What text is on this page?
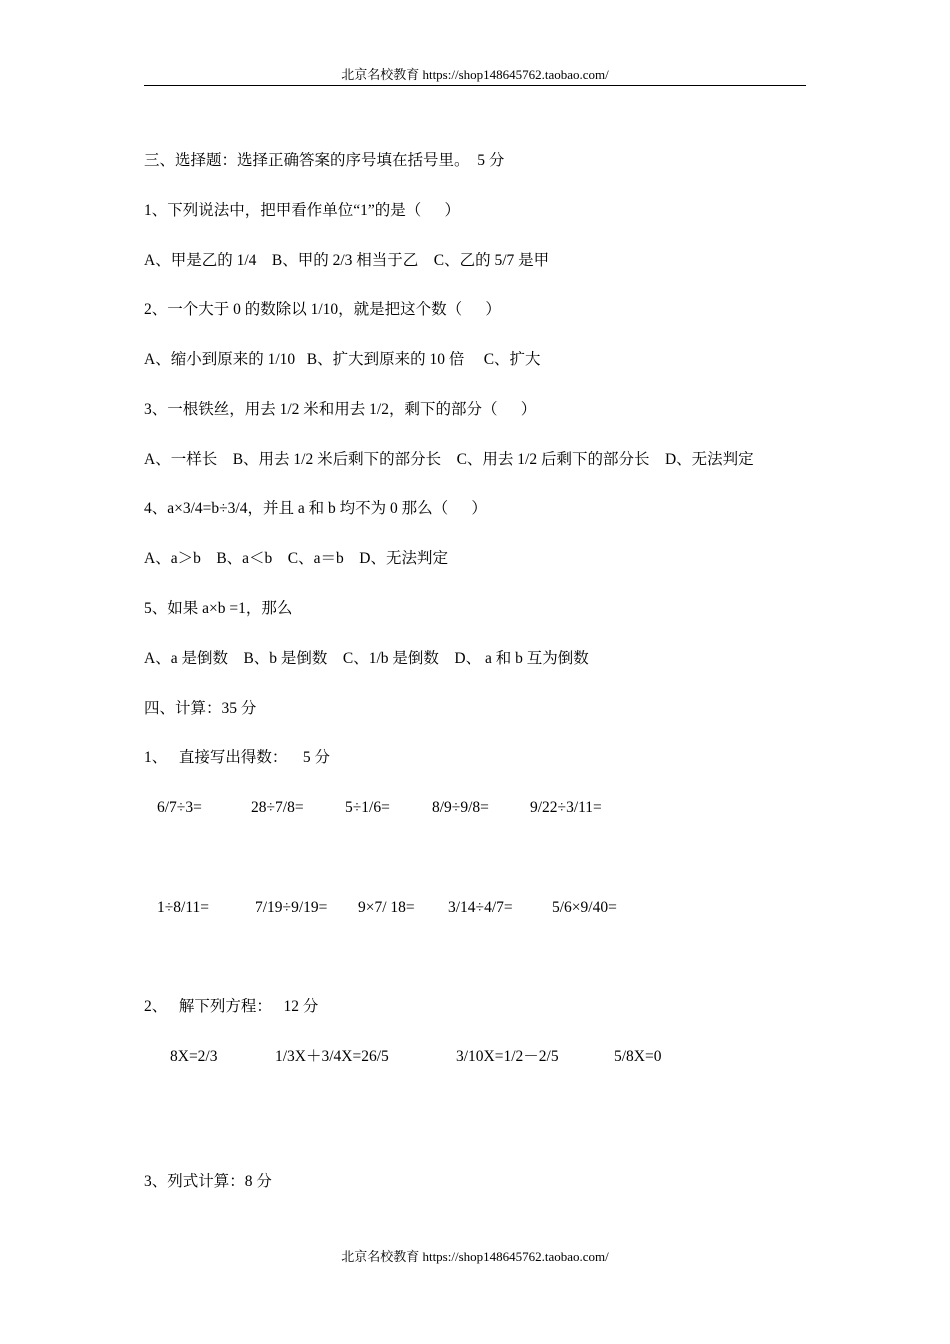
北京名校教育 https://shop148645762.taobao.com/
三、选择题：选择正确答案的序号填在括号里。  5 分
1、下列说法中，把甲看作单位“1”的是（      ）
A、甲是乙的 1/4    B、甲的 2/3 相当于乙    C、乙的 5/7 是甲
2、一个大于 0 的数除以 1/10，就是把这个数（      ）
A、缩小到原来的 1/10   B、扩大到原来的 10 倍     C、扩大
3、一根铁丝，用去 1/2 米和用去 1/2，剩下的部分（      ）
A、一样长    B、用去 1/2 米后剩下的部分长    C、用去 1/2 后剩下的部分长    D、无法判定
4、a×3/4=b÷3/4，并且 a 和 b 均不为 0 那么（      ）
A、a＞b    B、a＜b    C、a＝b    D、无法判定
5、如果 a×b =1，那么
A、a 是倒数    B、b 是倒数    C、1/b 是倒数    D、 a 和 b 互为倒数
四、计算：35 分
1、   直接写出得数：    5 分
6/7÷3=	28÷7/8=	5÷1/6=	8/9÷9/8=	9/22÷3/11=
1÷8/11=	7/19÷9/19= 9×7/ 18= 3/14÷4/7=	5/6×9/40=
2、   解下列方程：   12 分
8X=2/3	1/3X＋3/4X=26/5	3/10X=1/2－2/5	5/8X=0
3、列式计算：8 分
北京名校教育 https://shop148645762.taobao.com/
